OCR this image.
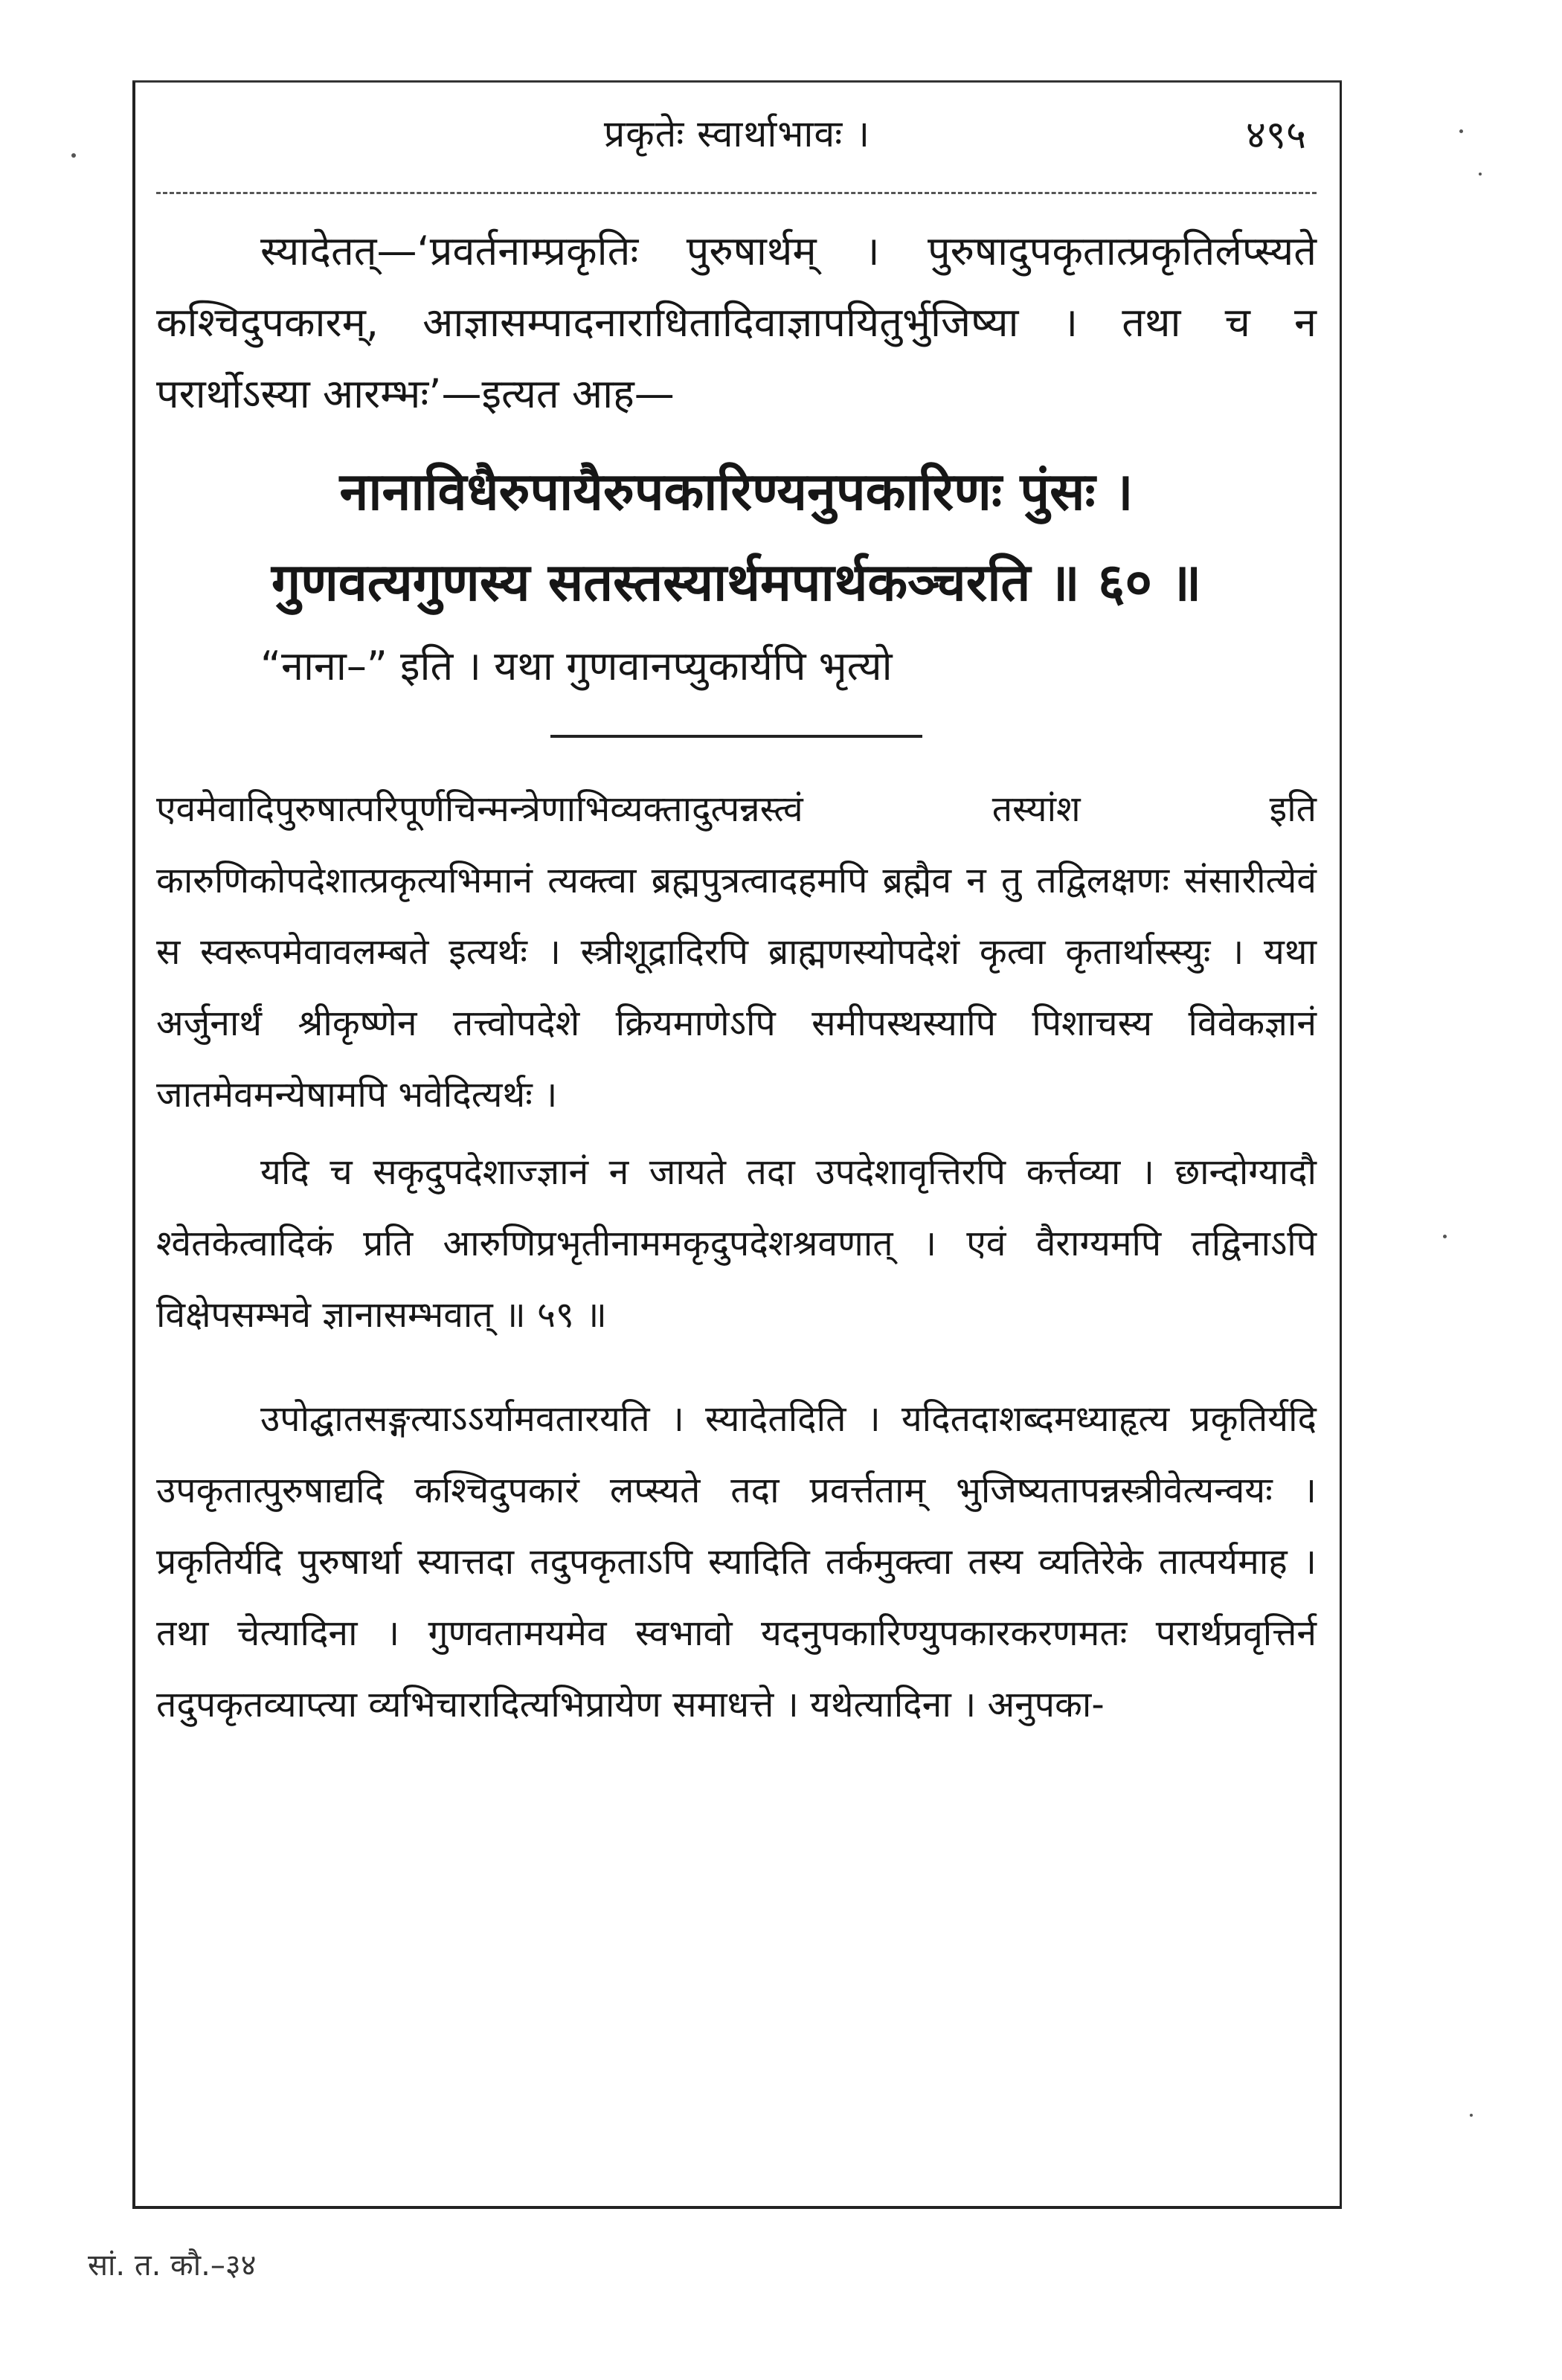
प्रकृतेः स्वार्थाभावः ।	४९५

स्यादेतत्—‘प्रवर्तनाम्प्रकृतिः पुरुषार्थम् । पुरुषादुपकृतात्प्रकृतिर्लप्स्यते कश्चिदुपकारम्, आज्ञासम्पादनाराधितादिवाज्ञापयितुर्भुजिष्या । तथा च न परार्थोऽस्या आरम्भः’—इत्यत आह—

नानाविधैरुपायैरुपकारिण्यनुपकारिणः पुंसः ।
गुणवत्यगुणस्य सतस्तस्यार्थमपार्थकञ्चरति ॥ ६० ॥

“नाना–” इति । यथा गुणवानप्युकार्यपि भृत्यो

एवमेवादिपुरुषात्परिपूर्णचिन्मन्त्रेणाभिव्यक्तादुत्पन्नस्त्वं तस्यांश इति कारुणिकोपदेशात्प्रकृत्यभिमानं त्यक्त्वा ब्रह्मपुत्रत्वादहमपि ब्रह्मैव न तु तद्विलक्षणः संसारीत्येवं स स्वरूपमेवावलम्बते इत्यर्थः । स्त्रीशूद्रादिरपि ब्राह्मणस्योपदेशं कृत्वा कृतार्थास्स्युः । यथा अर्जुनार्थं श्रीकृष्णेन तत्त्वोपदेशे क्रियमाणेऽपि समीपस्थस्यापि पिशाचस्य विवेकज्ञानं जातमेवमन्येषामपि भवेदित्यर्थः ।

यदि च सकृदुपदेशाज्ज्ञानं न जायते तदा उपदेशावृत्तिरपि कर्त्तव्या । छान्दोग्यादौ श्वेतकेत्वादिकं प्रति आरुणिप्रभृतीनाममकृदुपदेशश्रवणात् । एवं वैराग्यमपि तद्विनाऽपि विक्षेपसम्भवे ज्ञानासम्भवात् ॥ ५९ ॥

उपोद्घातसङ्गत्याऽऽर्यामवतारयति । स्यादेतदिति । यदितदाशब्दमध्याहृत्य प्रकृतिर्यदि उपकृतात्पुरुषाद्यदि कश्चिदुपकारं लप्स्यते तदा प्रवर्त्तताम् भुजिष्यतापन्नस्त्रीवेत्यन्वयः । प्रकृतिर्यदि पुरुषार्था स्यात्तदा तदुपकृताऽपि स्यादिति तर्कमुक्त्वा तस्य व्यतिरेके तात्पर्यमाह । तथा चेत्यादिना । गुणवतामयमेव स्वभावो यदनुपकारिण्युपकारकरणमतः परार्थप्रवृत्तिर्न तदुपकृतव्याप्त्या व्यभिचारादित्यभिप्रायेण समाधत्ते । यथेत्यादिना । अनुपका-

सां. त. कौ.–३४
